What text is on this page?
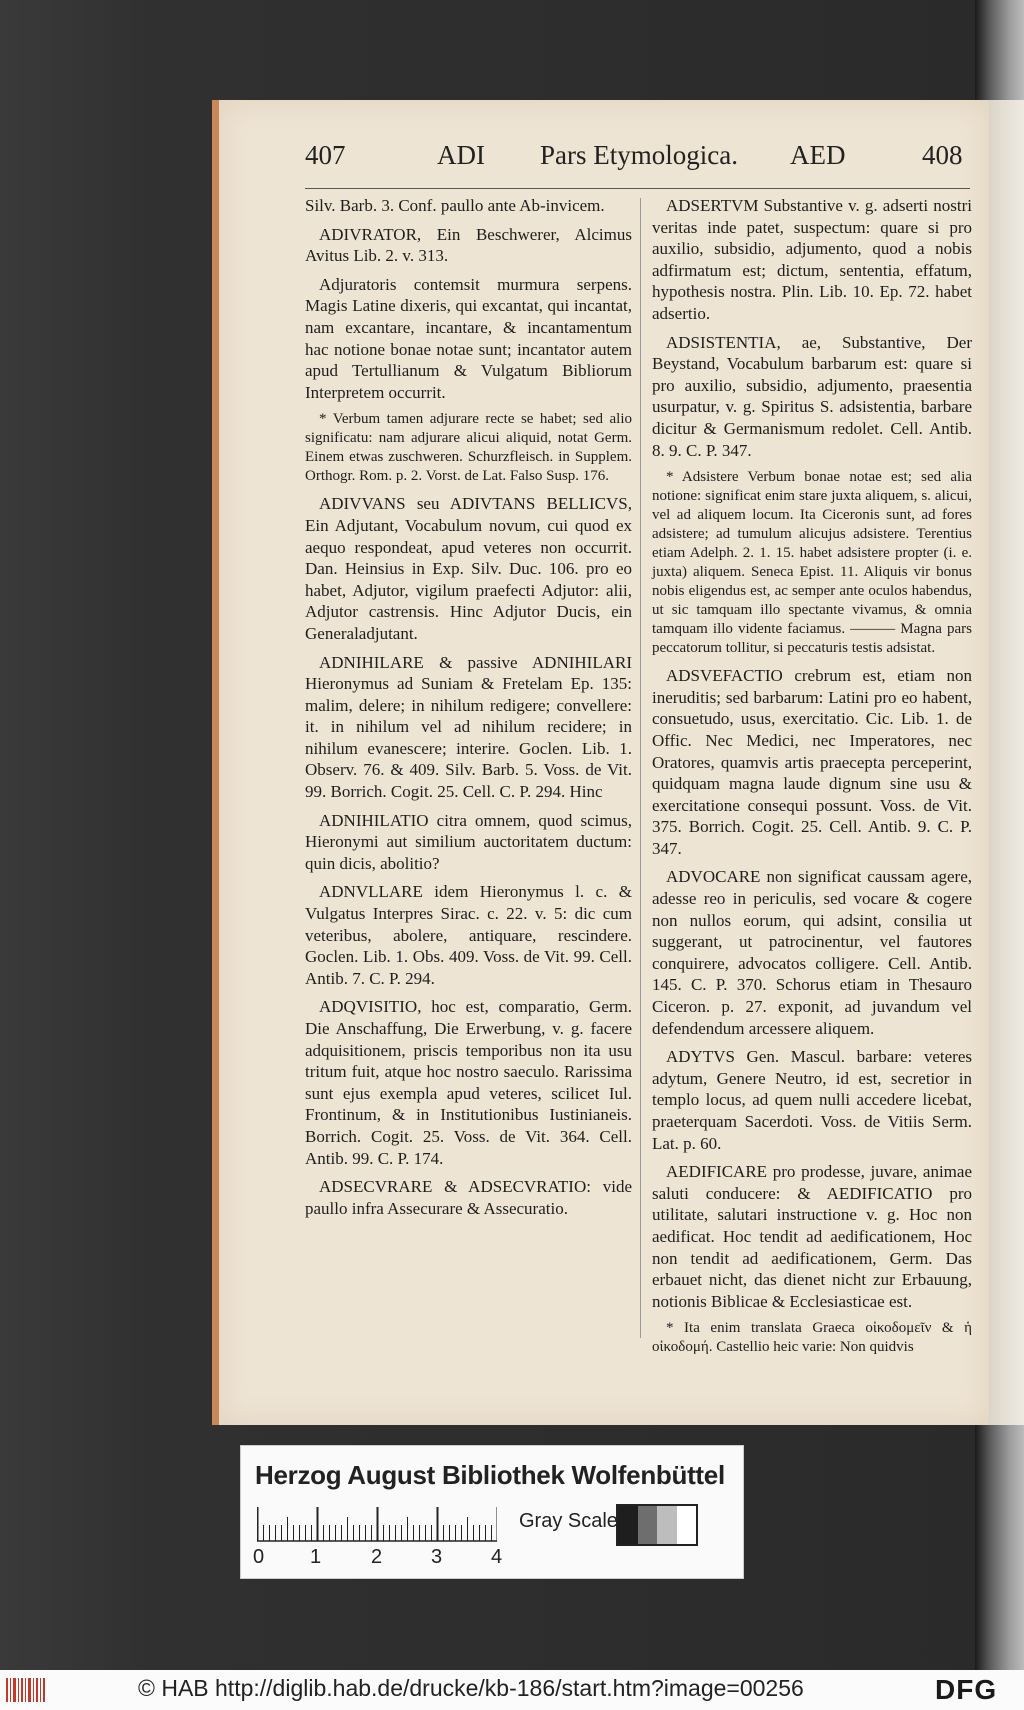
407	ADI Pars Etymologica. AED	408

Silv. Barb. 3. Conf. paullo ante Ab-invicem.

ADIVRATOR, Ein Beschwerer, Alcimus Avitus Lib. 2. v. 313.

Adjuratoris contemsit murmura serpens. Magis Latine dixeris, qui excantat, qui incantat, nam excantare, incantare, & incantamentum hac notione bonae notae sunt; incantator autem apud Tertullianum & Vulgatum Bibliorum Interpretem occurrit.

* Verbum tamen adjurare recte se habet; sed alio significatu: nam adjurare alicui aliquid, notat Germ. Einem etwas zuschweren. Schurzfleisch. in Supplem. Orthogr. Rom. p. 2. Vorst. de Lat. Falso Susp. 176.

ADIVVANS seu ADIVTANS BELLICVS, Ein Adjutant, Vocabulum novum, cui quod ex aequo respondeat, apud veteres non occurrit. Dan. Heinsius in Exp. Silv. Duc. 106. pro eo habet, Adjutor, vigilum praefecti Adjutor: alii, Adjutor castrensis. Hinc Adjutor Ducis, ein Generaladjutant.

ADNIHILARE & passive ADNIHILARI Hieronymus ad Suniam & Fretelam Ep. 135: malim, delere; in nihilum redigere; convellere: it. in nihilum vel ad nihilum recidere; in nihilum evanescere; interire. Goclen. Lib. 1. Observ. 76. & 409. Silv. Barb. 5. Voss. de Vit. 99. Borrich. Cogit. 25. Cell. C. P. 294. Hinc

ADNIHILATIO citra omnem, quod scimus, Hieronymi aut similium auctoritatem ductum: quin dicis, abolitio?

ADNVLLARE idem Hieronymus l. c. & Vulgatus Interpres Sirac. c. 22. v. 5: dic cum veteribus, abolere, antiquare, rescindere. Goclen. Lib. 1. Obs. 409. Voss. de Vit. 99. Cell. Antib. 7. C. P. 294.

ADQVISITIO, hoc est, comparatio, Germ. Die Anschaffung, Die Erwerbung, v. g. facere adquisitionem, priscis temporibus non ita usu tritum fuit, atque hoc nostro saeculo. Rarissima sunt ejus exempla apud veteres, scilicet Iul. Frontinum, & in Institutionibus Iustinianeis. Borrich. Cogit. 25. Voss. de Vit. 364. Cell. Antib. 99. C. P. 174.

ADSECVRARE & ADSECVRATIO: vide paullo infra Assecurare & Assecuratio.

ADSERTVM Substantive v. g. adserti nostri veritas inde patet, suspectum: quare si pro auxilio, subsidio, adjumento, quod a nobis adfirmatum est; dictum, sententia, effatum, hypothesis nostra. Plin. Lib. 10. Ep. 72. habet adsertio.

ADSISTENTIA, ae, Substantive, Der Beystand, Vocabulum barbarum est: quare si pro auxilio, subsidio, adjumento, praesentia usurpatur, v. g. Spiritus S. adsistentia, barbare dicitur & Germanismum redolet. Cell. Antib. 8. 9. C. P. 347.

* Adsistere Verbum bonae notae est; sed alia notione: significat enim stare juxta aliquem, s. alicui, vel ad aliquem locum. Ita Ciceronis sunt, ad fores adsistere; ad tumulum alicujus adsistere. Terentius etiam Adelph. 2. 1. 15. habet adsistere propter (i. e. juxta) aliquem. Seneca Epist. 11. Aliquis vir bonus nobis eligendus est, ac semper ante oculos habendus, ut sic tamquam illo spectante vivamus, & omnia tamquam illo vidente faciamus. ——— Magna pars peccatorum tollitur, si peccaturis testis adsistat.

ADSVEFACTIO crebrum est, etiam non ineruditis; sed barbarum: Latini pro eo habent, consuetudo, usus, exercitatio. Cic. Lib. 1. de Offic. Nec Medici, nec Imperatores, nec Oratores, quamvis artis praecepta perceperint, quidquam magna laude dignum sine usu & exercitatione consequi possunt. Voss. de Vit. 375. Borrich. Cogit. 25. Cell. Antib. 9. C. P. 347.

ADVOCARE non significat caussam agere, adesse reo in periculis, sed vocare & cogere non nullos eorum, qui adsint, consilia ut suggerant, ut patrocinentur, vel fautores conquirere, advocatos colligere. Cell. Antib. 145. C. P. 370. Schorus etiam in Thesauro Ciceron. p. 27. exponit, ad juvandum vel defendendum arcessere aliquem.

ADYTVS Gen. Mascul. barbare: veteres adytum, Genere Neutro, id est, secretior in templo locus, ad quem nulli accedere licebat, praeterquam Sacerdoti. Voss. de Vitiis Serm. Lat. p. 60.

AEDIFICARE pro prodesse, juvare, animae saluti conducere: & AEDIFICATIO pro utilitate, salutari instructione v. g. Hoc non aedificat. Hoc tendit ad aedificationem, Hoc non tendit ad aedificationem, Germ. Das erbauet nicht, das dienet nicht zur Erbauung, notionis Biblicae & Ecclesiasticae est.

* Ita enim translata Graeca οἰκοδομεῖν & ἡ οἰκοδομή. Castellio heic varie: Non quidvis

Herzog August Bibliothek Wolfenbüttel
0 1 2 3 4
Gray Scale
© HAB http://diglib.hab.de/drucke/kb-186/start.htm?image=00256	DFG
